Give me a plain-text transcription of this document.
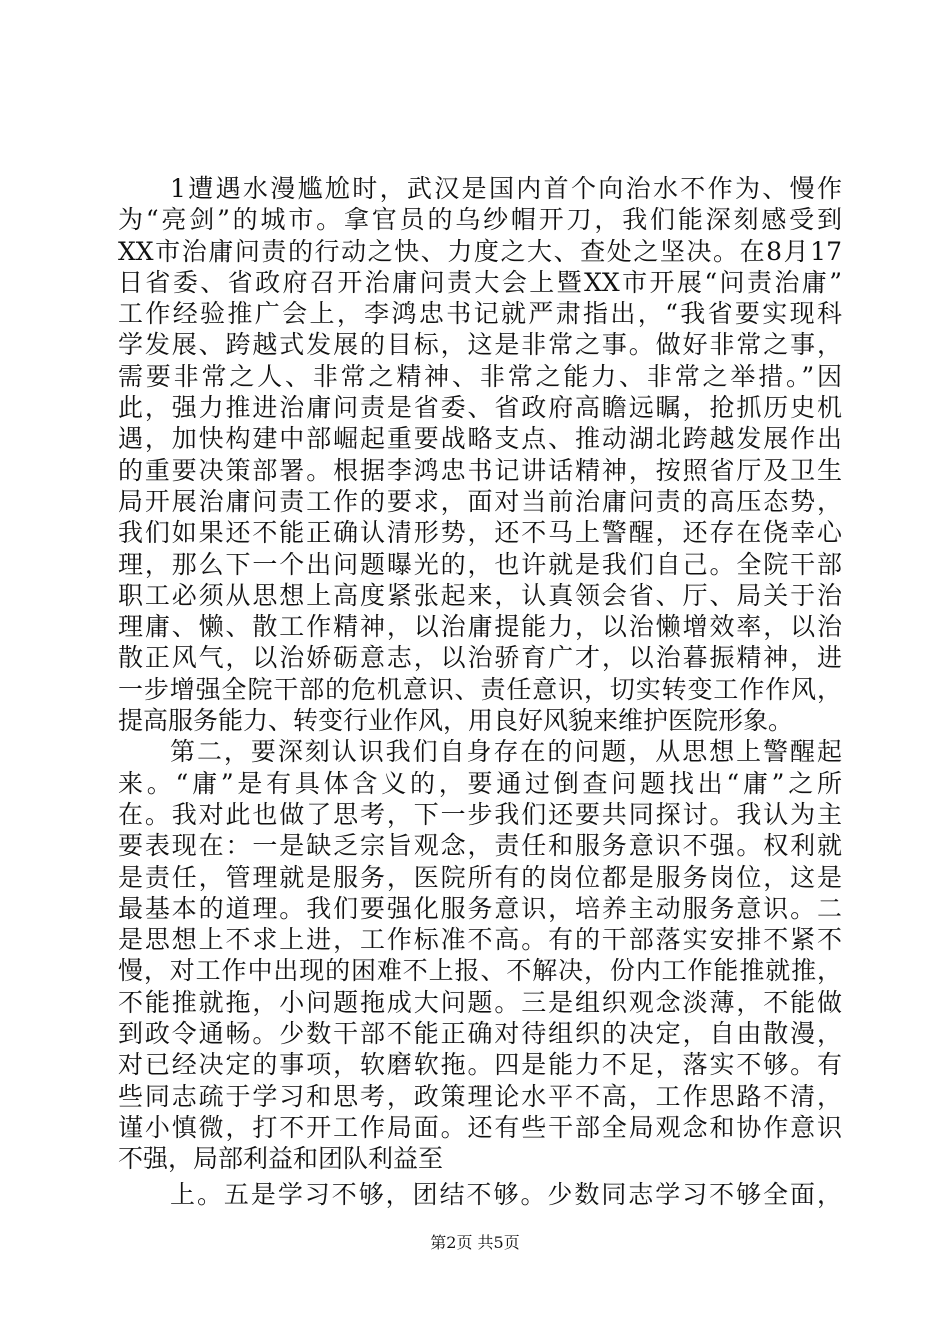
1遭遇水漫尴尬时，武汉是国内首个向治水不作为、慢作
为“亮剑”的城市。拿官员的乌纱帽开刀，我们能深刻感受到
XX市治庸问责的行动之快、力度之大、查处之坚决。在8月17
日省委、省政府召开治庸问责大会上暨XX市开展“问责治庸”
工作经验推广会上，李鸿忠书记就严肃指出，“我省要实现科
学发展、跨越式发展的目标，这是非常之事。做好非常之事，
需要非常之人、非常之精神、非常之能力、非常之举措。”因
此，强力推进治庸问责是省委、省政府高瞻远瞩，抢抓历史机
遇，加快构建中部崛起重要战略支点、推动湖北跨越发展作出
的重要决策部署。根据李鸿忠书记讲话精神，按照省厅及卫生
局开展治庸问责工作的要求，面对当前治庸问责的高压态势，
我们如果还不能正确认清形势，还不马上警醒，还存在侥幸心
理，那么下一个出问题曝光的，也许就是我们自己。全院干部
职工必须从思想上高度紧张起来，认真领会省、厅、局关于治
理庸、懒、散工作精神，以治庸提能力，以治懒增效率，以治
散正风气，以治娇砺意志，以治骄育广才，以治暮振精神，进
一步增强全院干部的危机意识、责任意识，切实转变工作作风，
提高服务能力、转变行业作风，用良好风貌来维护医院形象。
第二，要深刻认识我们自身存在的问题，从思想上警醒起
来。“庸”是有具体含义的，要通过倒查问题找出“庸”之所
在。我对此也做了思考，下一步我们还要共同探讨。我认为主
要表现在：一是缺乏宗旨观念，责任和服务意识不强。权利就
是责任，管理就是服务，医院所有的岗位都是服务岗位，这是
最基本的道理。我们要强化服务意识，培养主动服务意识。二
是思想上不求上进，工作标准不高。有的干部落实安排不紧不
慢，对工作中出现的困难不上报、不解决，份内工作能推就推，
不能推就拖，小问题拖成大问题。三是组织观念淡薄，不能做
到政令通畅。少数干部不能正确对待组织的决定，自由散漫，
对已经决定的事项，软磨软拖。四是能力不足，落实不够。有
些同志疏于学习和思考，政策理论水平不高，工作思路不清，
谨小慎微，打不开工作局面。还有些干部全局观念和协作意识
不强，局部利益和团队利益至
上。五是学习不够，团结不够。少数同志学习不够全面，
第2页 共5页
